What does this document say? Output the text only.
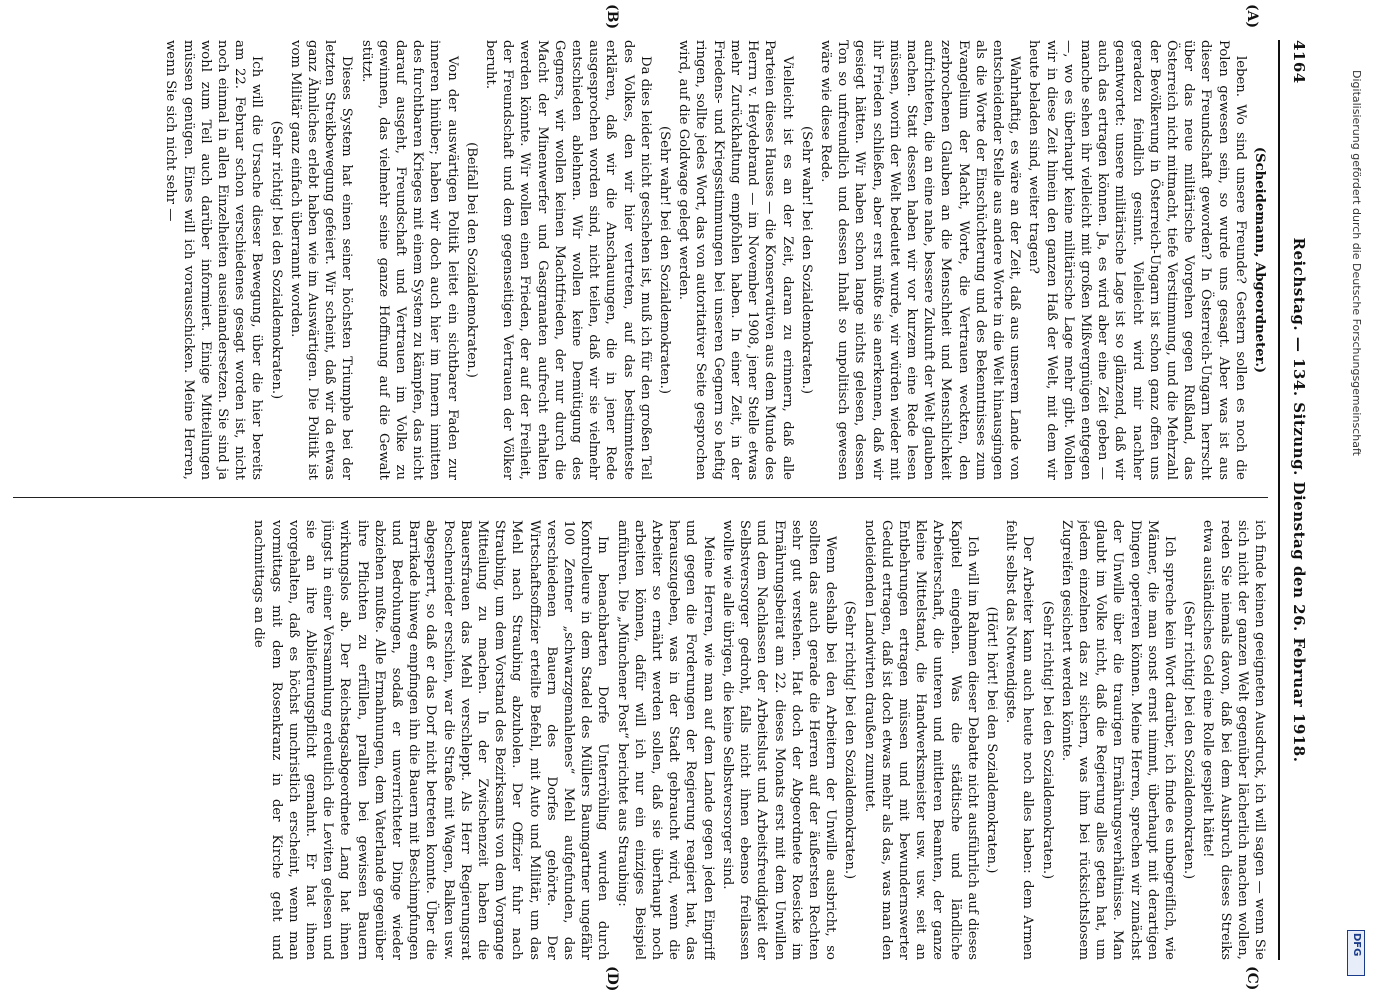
4164
Reichstag. — 134. Sitzung. Dienstag den 26. Februar 1918.
(A)
(B)
(C)
(D)

(Scheidemann, Abgeordneter.)

leben. Wo sind unsere Freunde? Gestern sollen es noch die Polen gewesen sein, so wurde uns gesagt. Aber was ist aus dieser Freundschaft geworden? In Österreich-Ungarn herrscht über das neue militärische Vorgehen gegen Rußland, das Österreich nicht mitmacht, tiefe Verstimmung, und die Mehrzahl der Bevölkerung in Österreich-Ungarn ist schon ganz offen uns geradezu feindlich gesinnt. Vielleicht wird mir nachher geantwortet: unsere militärische Lage ist so glänzend, daß wir auch das ertragen können. Ja, es wird aber eine Zeit geben — manche sehen ihr vielleicht mit großen Mißvergnügen entgegen —, wo es überhaupt keine militärische Lage mehr gibt. Wollen wir in diese Zeit hinein den ganzen Haß der Welt, mit dem wir heute beladen sind, weiter tragen?

Wahrhaftig, es wäre an der Zeit, daß aus unserem Lande von entscheidender Stelle aus andere Worte in die Welt hinausgingen als die Worte der Einschüchterung und des Bekenntnisses zum Evangelium der Macht, Worte, die Vertrauen weckten, den zerbrochenen Glauben an die Menschheit und Menschlichkeit aufrichteten, die an eine nahe, bessere Zukunft der Welt glauben machen. Statt dessen haben wir vor kurzem eine Rede lesen müssen, worin der Welt bedeutet wurde, wir würden wieder mit ihr Frieden schließen, aber erst müßte sie anerkennen, daß wir gesiegt hätten. Wir haben schon lange nichts gelesen, dessen Ton so unfreundlich und dessen Inhalt so unpolitisch gewesen wäre wie diese Rede.

(Sehr wahr! bei den Sozialdemokraten.)

Vielleicht ist es an der Zeit, daran zu erinnern, daß alle Parteien dieses Hauses — die Konservativen aus dem Munde des Herrn v. Heydebrand — im November 1908, jener Stelle etwas mehr Zurückhaltung empfohlen haben. In einer Zeit, in der Friedens- und Kriegsstimmungen bei unseren Gegnern so heftig ringen, sollte jedes Wort, das von autoritativer Seite gesprochen wird, auf die Goldwage gelegt werden.

(Sehr wahr! bei den Sozialdemokraten.)

Da dies leider nicht geschehen ist, muß ich für den großen Teil des Volkes, den wir hier vertreten, auf das bestimmteste erklären, daß wir die Anschauungen, die in jener Rede ausgesprochen worden sind, nicht teilen, daß wir sie vielmehr entschieden ablehnen. Wir wollen keine Demütigung des Gegners, wir wollen keinen Machtfrieden, der nur durch die Macht der Minenwerfer und Gasgranaten aufrecht erhalten werden könnte. Wir wollen einen Frieden, der auf der Freiheit, der Freundschaft und dem gegenseitigen Vertrauen der Völker beruht.

(Beifall bei den Sozialdemokraten.)

Von der auswärtigen Politik leitet ein sichtbarer Faden zur inneren hinüber; haben wir doch auch hier im Innern inmitten des furchtbaren Krieges mit einem System zu kämpfen, das nicht darauf ausgeht, Freundschaft und Vertrauen im Volke zu gewinnen, das vielmehr seine ganze Hoffnung auf die Gewalt stützt.

Dieses System hat einen seiner höchsten Triumphe bei der letzten Streikbewegung gefeiert. Wir scheint, daß wir da etwas ganz Ähnliches erlebt haben wie im Auswärtigen. Die Politik ist vom Militär ganz einfach überrannt worden.

(Sehr richtig! bei den Sozialdemokraten.)

Ich will die Ursache dieser Bewegung, über die hier bereits am 22. Februar schon verschiedenes gesagt worden ist, nicht noch einmal in allen Einzelheiten auseinandersetzen. Sie sind ja wohl zum Teil auch darüber informiert. Einige Mitteilungen müssen genügen. Eines will ich vorausschicken. Meine Herren, wenn Sie sich nicht sehr —

ich finde keinen geeigneten Ausdruck, ich will sagen — wenn Sie sich nicht der ganzen Welt gegenüber lächerlich machen wollen, reden Sie niemals davon, daß bei dem Ausbruch dieses Streiks etwa ausländisches Geld eine Rolle gespielt hätte!

(Sehr richtig! bei den Sozialdemokraten.)

Ich spreche kein Wort darüber, ich finde es unbegreiflich, wie Männer, die man sonst ernst nimmt, überhaupt mit derartigen Dingen operieren können. Meine Herren, sprechen wir zunächst der Unwille über die traurigen Ernährungsverhältnisse. Man glaubt im Volke nicht, daß die Regierung alles getan hat, um jedem einzelnen das zu sichern, was ihm bei rücksichtslosem Zugreifen gesichert werden könnte.

(Sehr richtig! bei den Sozialdemokraten.)

Der Arbeiter kann auch heute noch alles haben: dem Armen fehlt selbst das Notwendigste.

(Hört! hört! bei den Sozialdemokraten.)

Ich will im Rahmen dieser Debatte nicht ausführlich auf dieses Kapitel eingehen. Was die städtische und ländliche Arbeiterschaft, die unteren und mittleren Beamten, der ganze kleine Mittelstand, die Handwerksmeister usw. usw. seit an Entbehrungen ertragen müssen und mit bewundernswerter Geduld ertragen, daß ist doch etwas mehr als das, was man den notleidenden Landwirten draußen zumutet.

(Sehr richtig! bei den Sozialdemokraten.)

Wenn deshalb bei den Arbeitern der Unwille ausbricht, so sollten das auch gerade die Herren auf der äußersten Rechten sehr gut verstehen. Hat doch der Abgeordnete Roesicke im Ernährungsbeirat am 22. dieses Monats erst mit dem Unwillen und dem Nachlassen der Arbeitslust und Arbeitsfreudigkeit der Selbstversorger gedroht, falls nicht ihnen ebenso freilassen wollte wie alle übrigen, die keine Selbstversorger sind.

Meine Herren, wie man auf dem Lande gegen jeden Eingriff und gegen die Forderungen der Regierung reagiert hat, das herauszugeben, was in der Stadt gebraucht wird, wenn die Arbeiter so ernährt werden sollen, daß sie überhaupt noch arbeiten können, dafür will ich nur ein einziges Beispiel anführen. Die „Münchener Post“ berichtet aus Straubing:

Im benachbarten Dorfe Unterröhling wurden durch Kontrolleure in dem Stadel des Müllers Baumgartner ungefähr 100 Zentner „schwarzgemahlenes“ Mehl aufgefunden, das verschiedenen Bauern des Dorfes gehörte. Der Wirtschaftsoffizier erteilte Befehl, mit Auto und Militär, um das Mehl nach Straubing abzuholen. Der Offizier fuhr nach Straubing, um dem Vorstand des Bezirksamts von dem Vorgange Mitteilung zu machen. In der Zwischenzeit haben die Bauersfrauen das Mehl verschleppt. Als Herr Regierungsrat Poschenrieder erschien, war die Straße mit Wagen, Balken usw. abgesperrt, so daß er das Dorf nicht betreten konnte. Über die Barrikade hinweg empfingen ihn die Bauern mit Beschimpfungen und Bedrohungen, sodaß er unverrichteter Dinge wieder abziehen mußte. Alle Ermahnungen, dem Vaterlande gegenüber ihre Pflichten zu erfüllen, prallten bei gewissen Bauern wirkungslos ab. Der Reichstagsabgeordnete Lang hat ihnen jüngst in einer Versammlung erdeutlich die Leviten gelesen und sie an ihre Ablieferungspflicht gemahnt. Er hat ihnen vorgehalten, daß es höchst unchristlich erscheint, wenn man vormittags mit dem Rosenkranz in der Kirche geht und nachmittags an die

Digitalisierung gefördert durch die Deutsche Forschungsgemeinschaft
DFG
